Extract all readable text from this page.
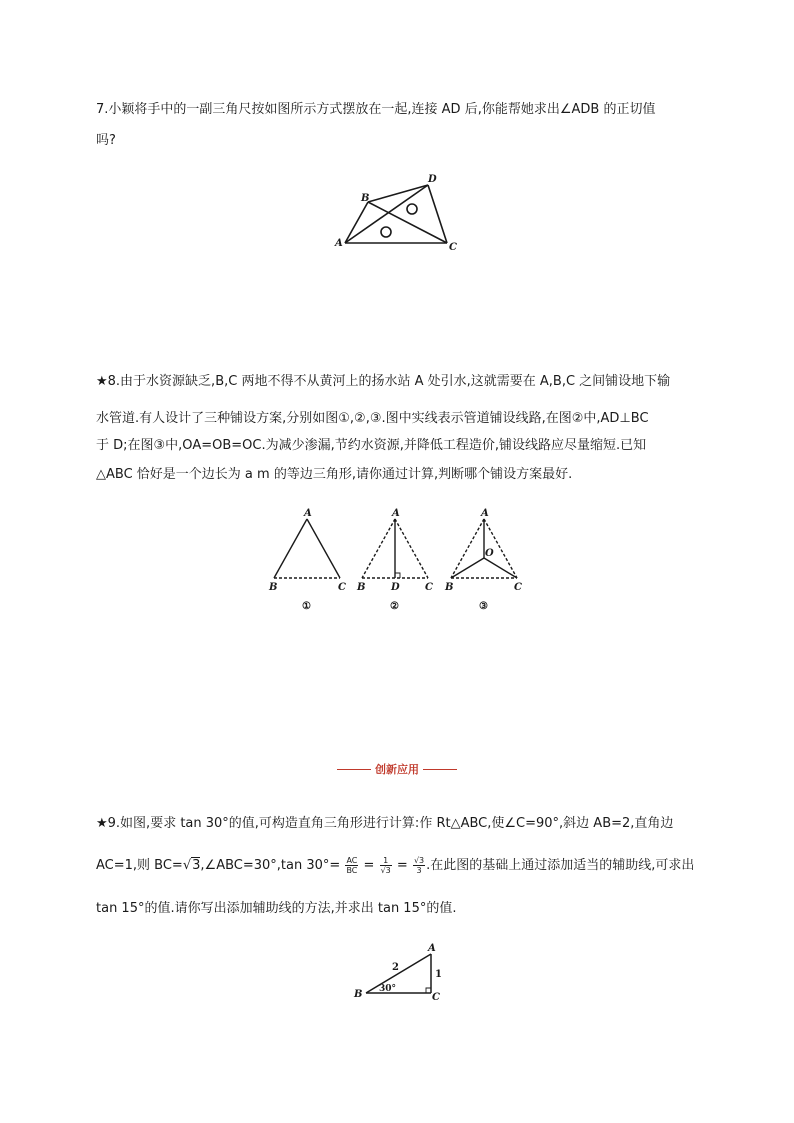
7.小颖将手中的一副三角尺按如图所示方式摆放在一起,连接 AD 后,你能帮她求出∠ADB 的正切值
吗?
A
B
C
D
★8.由于水资源缺乏,B,C 两地不得不从黄河上的扬水站 A 处引水,这就需要在 A,B,C 之间铺设地下输
水管道.有人设计了三种铺设方案,分别如图①,②,③.图中实线表示管道铺设线路,在图②中,AD⊥BC
于 D;在图③中,OA=OB=OC.为减少渗漏,节约水资源,并降低工程造价,铺设线路应尽量缩短.已知
△ABC 恰好是一个边长为 a m 的等边三角形,请你通过计算,判断哪个铺设方案最好.
A
B	C
①
A
B	D	C
②
A
O
B	C
③
创新应用
★9.如图,要求 tan 30°的值,可构造直角三角形进行计算:作 Rt△ABC,使∠C=90°,斜边 AB=2,直角边
AC=1,则 BC=√3,∠ABC=30°,tan $30^\circ= \frac{AC}{BC} = \frac{1}{√3} = \frac{√3}{3}$ .在此图的基础上通过添加适当的辅助线,可求出
tan 15°的值.请你写出添加辅助线的方法,并求出 tan 15°的值.
A
B	C
2
1
30°
